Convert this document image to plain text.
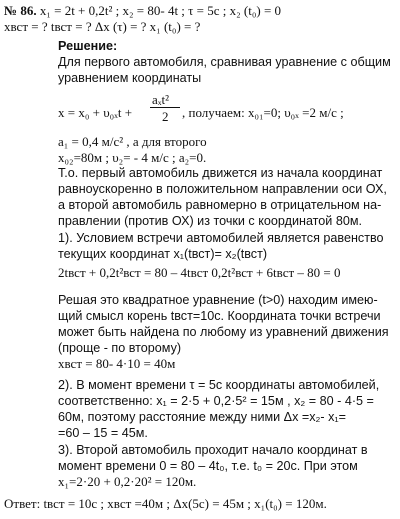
№ 86. x₁ = 2t + 0,2t² ; x₂ = 80- 4t ; τ = 5c ; x₂ (t₀) = 0
xвст = ? tвст = ? Δx (τ) = ? x₁ (t₀) = ?
Решение:
Для первого автомобиля, сравнивая уравнение с общим
уравнением координаты
x = x₀ + υ₀ₓt +
aₓt²
2 , получаем: x₀₁=0; υ₀ₓ =2 м/с ;
a₁ = 0,4 м/с² , а для второго
x₀₂=80м ; υ₂= - 4 м/с ; a₂=0.
Т.о. первый автомобиль движется из начала координат
равноускоренно в положительном направлении оси ОХ,
а второй автомобиль равномерно в отрицательном на-
правлении (против ОХ) из точки с координатой 80м.
1). Условием встречи автомобилей является равенство
текущих координат x₁(tвст)= x₂(tвст)
2tвст + 0,2t²вст = 80 – 4tвст 0,2t²вст + 6tвст – 80 = 0
Решая это квадратное уравнение (t>0) находим имею-
щий смысл корень tвст=10с. Координата точки встречи
может быть найдена по любому из уравнений движения
(проще - по второму)
xвст = 80- 4·10 = 40м
2). В момент времени τ = 5c координаты автомобилей,
соответственно: x₁ = 2·5 + 0,2·5² = 15м , x₂ = 80 - 4·5 =
60м, поэтому расстояние между ними Δx =x₂- x₁=
=60 – 15 = 45м.
3). Второй автомобиль проходит начало координат в
момент времени 0 = 80 – 4t₀, т.е. t₀ = 20c. При этом
x₁=2·20 + 0,2·20² = 120м.
Ответ: tвст = 10c ; xвст =40м ; Δx(5c) = 45м ; x₁(t₀) = 120м.
